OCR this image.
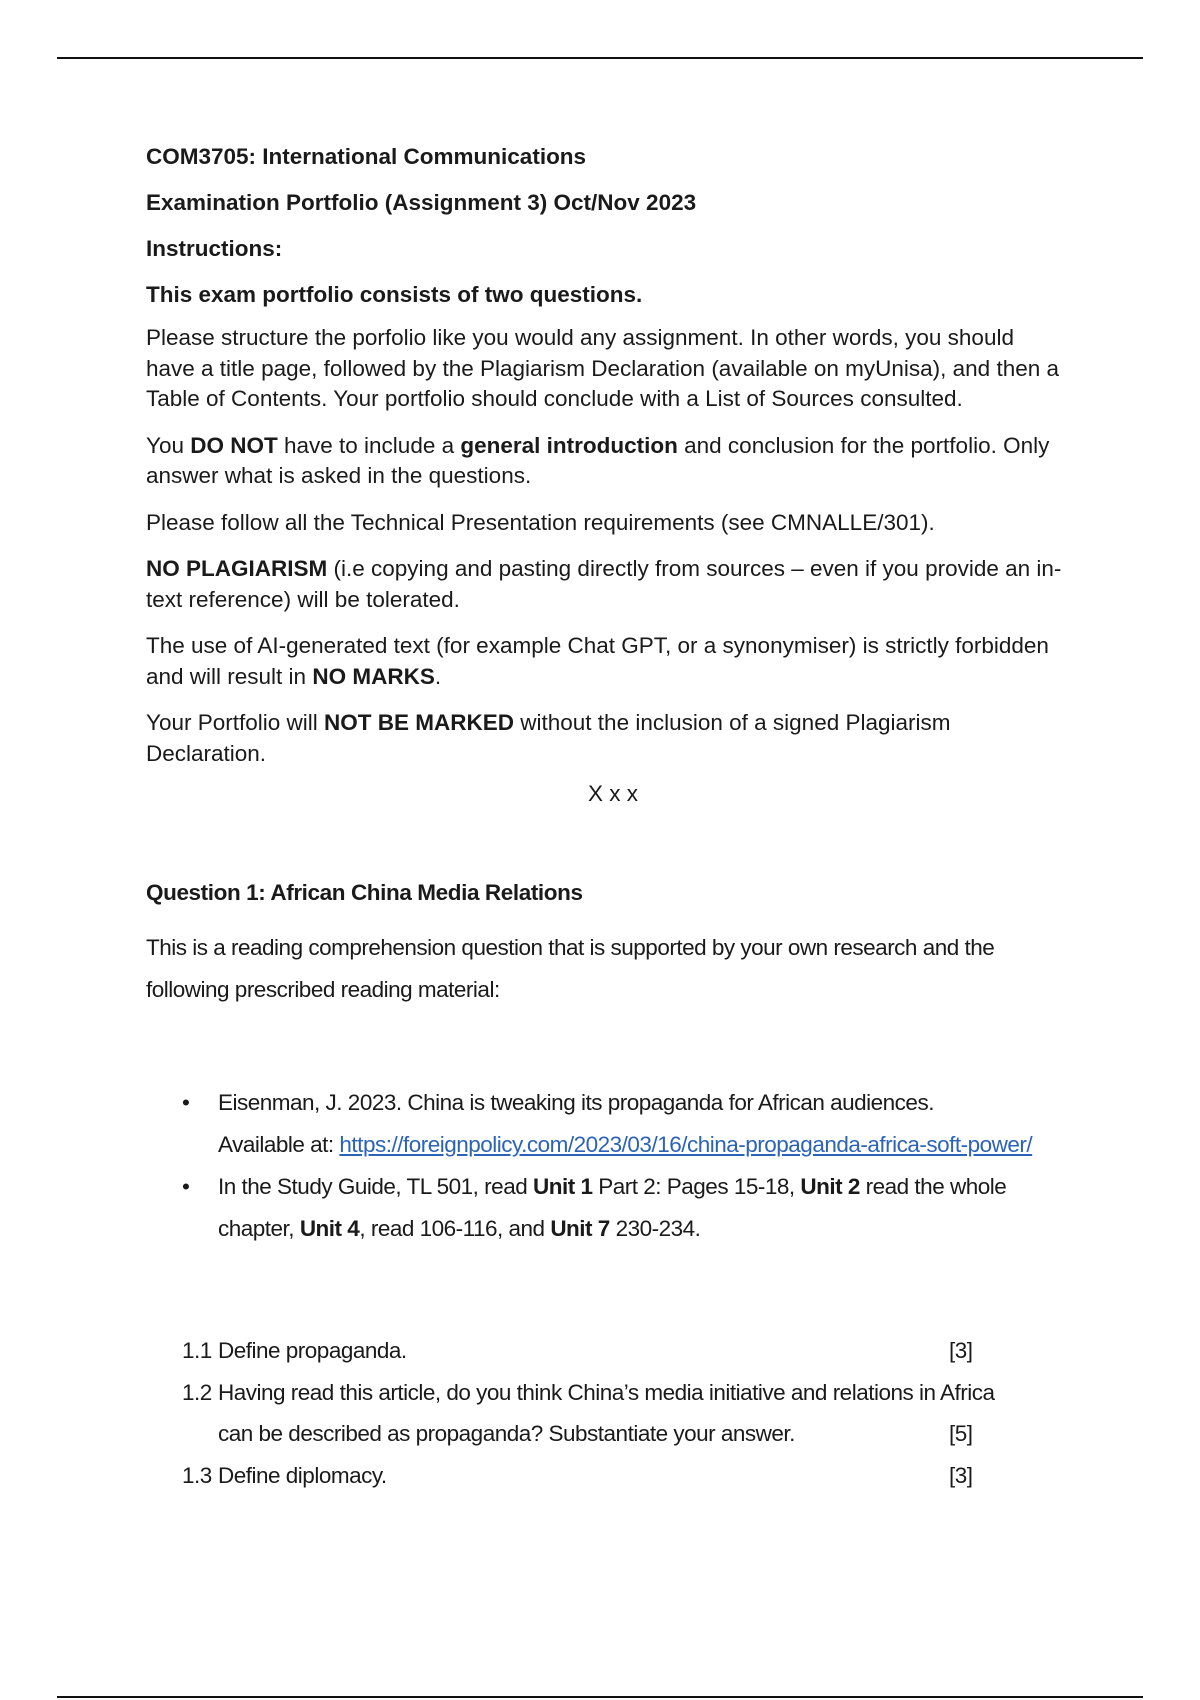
COM3705: International Communications
Examination Portfolio (Assignment 3) Oct/Nov 2023
Instructions:
This exam portfolio consists of two questions.

Please structure the porfolio like you would any assignment. In other words, you should have a title page, followed by the Plagiarism Declaration (available on myUnisa), and then a Table of Contents. Your portfolio should conclude with a List of Sources consulted.

You DO NOT have to include a general introduction and conclusion for the portfolio. Only answer what is asked in the questions.

Please follow all the Technical Presentation requirements (see CMNALLE/301).

NO PLAGIARISM (i.e copying and pasting directly from sources – even if you provide an in-text reference) will be tolerated.

The use of AI-generated text (for example Chat GPT, or a synonymiser) is strictly forbidden and will result in NO MARKS.

Your Portfolio will NOT BE MARKED without the inclusion of a signed Plagiarism Declaration.

X x x
Question 1: African China Media Relations

This is a reading comprehension question that is supported by your own research and the following prescribed reading material:

• Eisenman, J. 2023. China is tweaking its propaganda for African audiences.
Available at: https://foreignpolicy.com/2023/03/16/china-propaganda-africa-soft-power/
• In the Study Guide, TL 501, read Unit 1 Part 2: Pages 15-18, Unit 2 read the whole chapter, Unit 4, read 106-116, and Unit 7 230-234.
1.1 Define propaganda.	[3]
1.2 Having read this article, do you think China’s media initiative and relations in Africa
can be described as propaganda? Substantiate your answer.	[5]
1.3 Define diplomacy.	[3]
